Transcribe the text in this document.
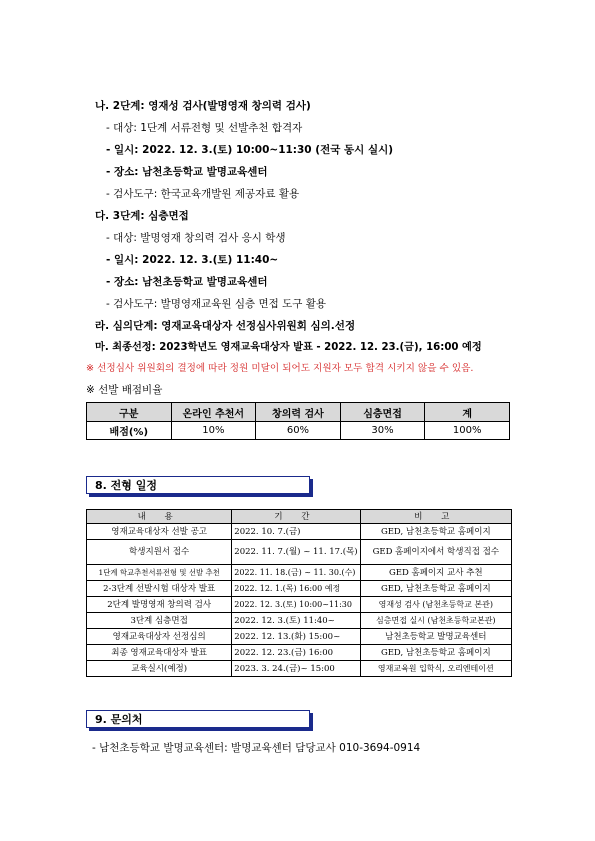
나. 2단계: 영재성 검사(발명영재 창의력 검사)
- 대상: 1단계 서류전형 및 선발추천 합격자
- 일시: 2022. 12. 3.(토) 10:00~11:30 (전국 동시 실시)
- 장소: 남천초등학교 발명교육센터
- 검사도구: 한국교육개발원 제공자료 활용
다. 3단계: 심층면접
- 대상: 발명영재 창의력 검사 응시 학생
- 일시: 2022. 12. 3.(토) 11:40~
- 장소: 남천초등학교 발명교육센터
- 검사도구: 발명영재교육원 심층 면접 도구 활용
라. 심의단계: 영재교육대상자 선정심사위원회 심의.선정
마. 최종선정: 2023학년도 영재교육대상자 발표 - 2022. 12. 23.(금), 16:00 예정
※ 선정심사 위원회의 결정에 따라 정원 미달이 되어도 지원자 모두 합격 시키지 않을 수 있음.
※ 선발 배점비율
구분	온라인 추천서	창의력 검사	심층면접	계
배점(%)	10%	60%	30%	100%
8. 전형 일정
내 용	기 간	비 고
영재교육대상자 선발 공고	2022. 10. 7.(금)	GED, 남천초등학교 홈페이지
학생지원서 접수	2022. 11. 7.(월) ~ 11. 17.(목)	GED 홈페이지에서 학생직접 접수
1단계 학교추천서류전형 및 선발 추천	2022. 11. 18.(금) ~ 11. 30.(수)	GED 홈페이지 교사 추천
2-3단계 선발시험 대상자 발표	2022. 12. 1.(목) 16:00 예정	GED, 남천초등학교 홈페이지
2단계 발명영재 창의력 검사	2022. 12. 3.(토) 10:00~11:30	영재성 검사 (남천초등학교 본관)
3단계 심층면접	2022. 12. 3.(토) 11:40~	심층면접 실시 (남천초등학교본관)
영재교육대상자 선정심의	2022. 12. 13.(화) 15:00~	남천초등학교 발명교육센터
최종 영재교육대상자 발표	2022. 12. 23.(금) 16:00	GED, 남천초등학교 홈페이지
교육실시(예정)	2023. 3. 24.(금)~ 15:00	영재교육원 입학식, 오리엔테이션
9. 문의처
- 남천초등학교 발명교육센터: 발명교육센터 담당교사 010-3694-0914
